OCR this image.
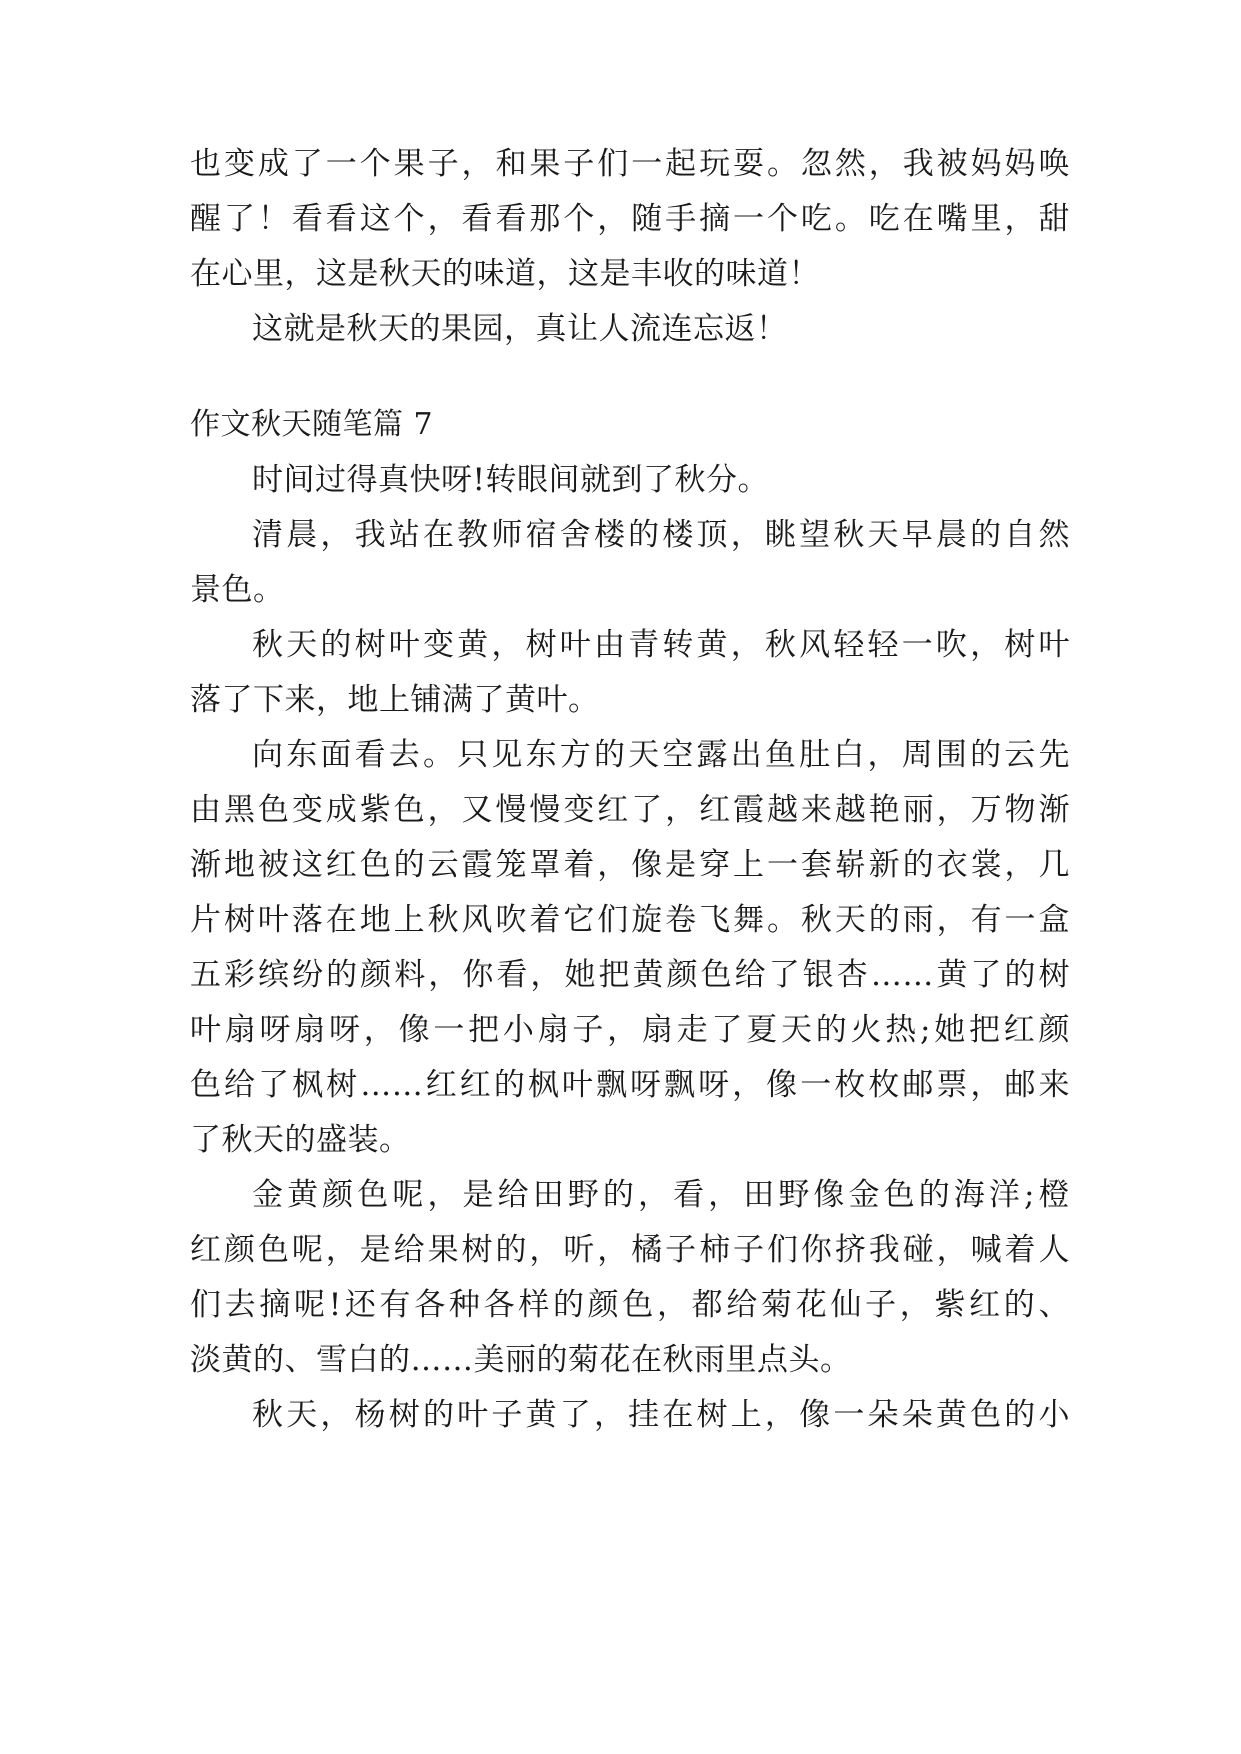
也变成了一个果子，和果子们一起玩耍。忽然，我被妈妈唤
醒了！看看这个，看看那个，随手摘一个吃。吃在嘴里，甜
在心里，这是秋天的味道，这是丰收的味道！
这就是秋天的果园，真让人流连忘返！
作文秋天随笔篇 7
时间过得真快呀!转眼间就到了秋分。
清晨，我站在教师宿舍楼的楼顶，眺望秋天早晨的自然
景色。
秋天的树叶变黄，树叶由青转黄，秋风轻轻一吹，树叶
落了下来，地上铺满了黄叶。
向东面看去。只见东方的天空露出鱼肚白，周围的云先
由黑色变成紫色，又慢慢变红了，红霞越来越艳丽，万物渐
渐地被这红色的云霞笼罩着，像是穿上一套崭新的衣裳，几
片树叶落在地上秋风吹着它们旋卷飞舞。秋天的雨，有一盒
五彩缤纷的颜料，你看，她把黄颜色给了银杏……黄了的树
叶扇呀扇呀，像一把小扇子，扇走了夏天的火热;她把红颜
色给了枫树……红红的枫叶飘呀飘呀，像一枚枚邮票，邮来
了秋天的盛装。
金黄颜色呢，是给田野的，看，田野像金色的海洋;橙
红颜色呢，是给果树的，听，橘子柿子们你挤我碰，喊着人
们去摘呢!还有各种各样的颜色，都给菊花仙子，紫红的、
淡黄的、雪白的……美丽的菊花在秋雨里点头。
秋天，杨树的叶子黄了，挂在树上，像一朵朵黄色的小
